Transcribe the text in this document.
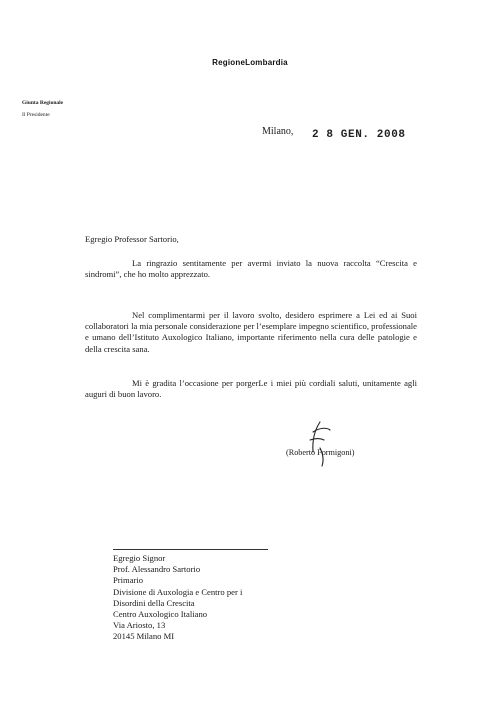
RegioneLombardia
Giunta Regionale
Il Presidente
Milano, 2 8 GEN. 2008
Egregio Professor Sartorio,
La ringrazio sentitamente per avermi inviato la nuova raccolta “Crescita e sindromi”, che ho molto apprezzato.
Nel complimentarmi per il lavoro svolto, desidero esprimere a Lei ed ai Suoi collaboratori la mia personale considerazione per l’esemplare impegno scientifico, professionale e umano dell’Istituto Auxologico Italiano, importante riferimento nella cura delle patologie e della crescita sana.
Mi è gradita l’occasione per porgerLe i miei più cordiali saluti, unitamente agli auguri di buon lavoro.
(Roberto Formigoni)
Egregio Signor
Prof. Alessandro Sartorio
Primario
Divisione di Auxologia e Centro per i
Disordini della Crescita
Centro Auxologico Italiano
Via Ariosto, 13
20145 Milano MI
